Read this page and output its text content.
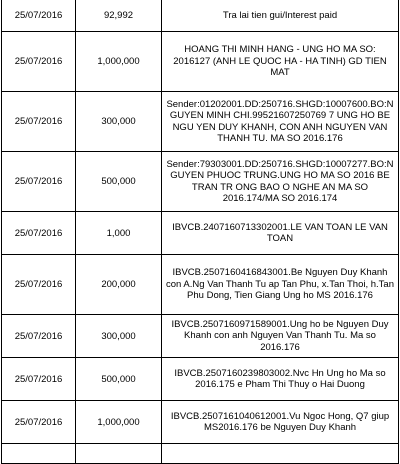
25/07/2016	92,992	Tra lai tien gui/Interest paid
25/07/2016	1,000,000	HOANG THI MINH HANG - UNG HO MA SO: 2016127 (ANH LE QUOC HA - HA TINH) GD TIEN MAT
25/07/2016	300,000	Sender:01202001.DD:250716.SHGD:10007600.BO:NGUYEN MINH CHI.99521607250769 7 UNG HO BE NGU YEN DUY KHANH, CON ANH NGUYEN VAN THANH TU. MA SO 2016.176
25/07/2016	500,000	Sender:79303001.DD:250716.SHGD:10007277.BO:NGUYEN PHUOC TRUNG.UNG HO MA SO 2016 BE TRAN TR ONG BAO O NGHE AN MA SO 2016.174/MA SO 2016.174
25/07/2016	1,000	IBVCB.2407160713302001.LE VAN TOAN LE VAN TOAN
25/07/2016	200,000	IBVCB.2507160416843001.Be Nguyen Duy Khanh con A.Ng Van Thanh Tu ap Tan Phu, x.Tan Thoi, h.Tan Phu Dong, Tien Giang Ung ho MS 2016.176
25/07/2016	300,000	IBVCB.2507160971589001.Ung ho be Nguyen Duy Khanh con anh Nguyen Van Thanh Tu. Ma so 2016.176
25/07/2016	500,000	IBVCB.2507160239803002.Nvc Hn Ung ho Ma so 2016.175 e Pham Thi Thuy o Hai Duong
25/07/2016	1,000,000	IBVCB.2507161040612001.Vu Ngoc Hong, Q7 giup MS2016.176 be Nguyen Duy Khanh
